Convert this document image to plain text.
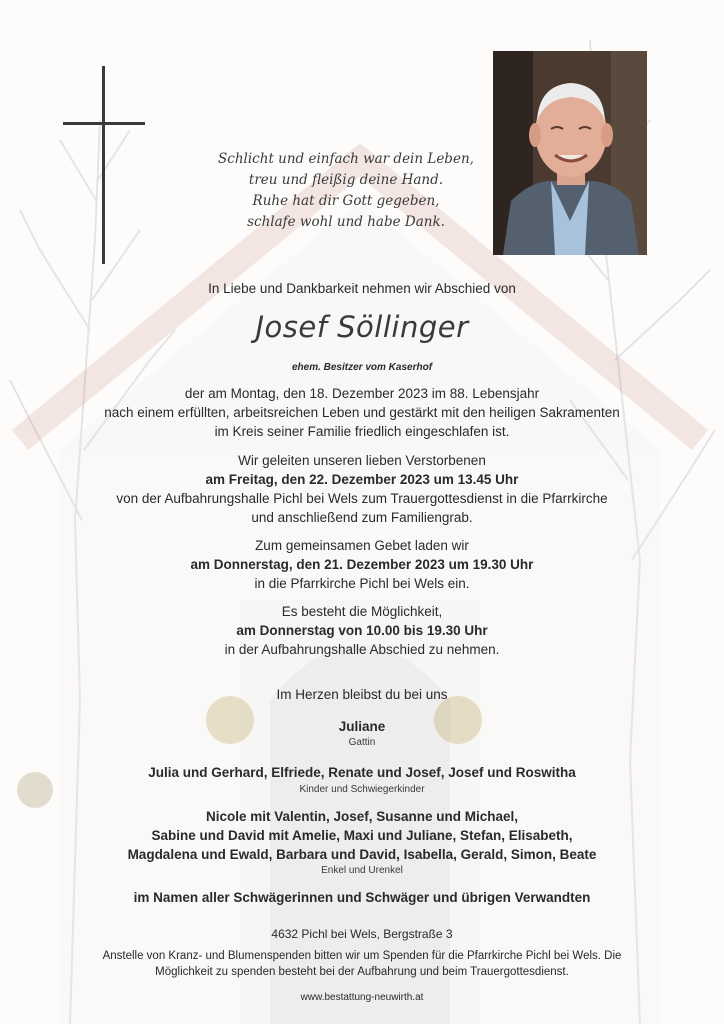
Schlicht und einfach war dein Leben,
treu und fleißig deine Hand.
Ruhe hat dir Gott gegeben,
schlafe wohl und habe Dank.
In Liebe und Dankbarkeit nehmen wir Abschied von
Josef Söllinger
ehem. Besitzer vom Kaserhof
der am Montag, den 18. Dezember 2023 im 88. Lebensjahr
nach einem erfüllten, arbeitsreichen Leben und gestärkt mit den heiligen Sakramenten
im Kreis seiner Familie friedlich eingeschlafen ist.
Wir geleiten unseren lieben Verstorbenen
am Freitag, den 22. Dezember 2023 um 13.45 Uhr
von der Aufbahrungshalle Pichl bei Wels zum Trauergottesdienst in die Pfarrkirche
und anschließend zum Familiengrab.
Zum gemeinsamen Gebet laden wir
am Donnerstag, den 21. Dezember 2023 um 19.30 Uhr
in die Pfarrkirche Pichl bei Wels ein.
Es besteht die Möglichkeit,
am Donnerstag von 10.00 bis 19.30 Uhr
in der Aufbahrungshalle Abschied zu nehmen.
Im Herzen bleibst du bei uns
Juliane
Gattin
Julia und Gerhard, Elfriede, Renate und Josef, Josef und Roswitha
Kinder und Schwiegerkinder
Nicole mit Valentin, Josef, Susanne und Michael,
Sabine und David mit Amelie, Maxi und Juliane, Stefan, Elisabeth,
Magdalena und Ewald, Barbara und David, Isabella, Gerald, Simon, Beate
Enkel und Urenkel
im Namen aller Schwägerinnen und Schwäger und übrigen Verwandten
4632 Pichl bei Wels, Bergstraße 3
Anstelle von Kranz- und Blumenspenden bitten wir um Spenden für die Pfarrkirche Pichl bei Wels. Die
Möglichkeit zu spenden besteht bei der Aufbahrung und beim Trauergottesdienst.
www.bestattung-neuwirth.at
